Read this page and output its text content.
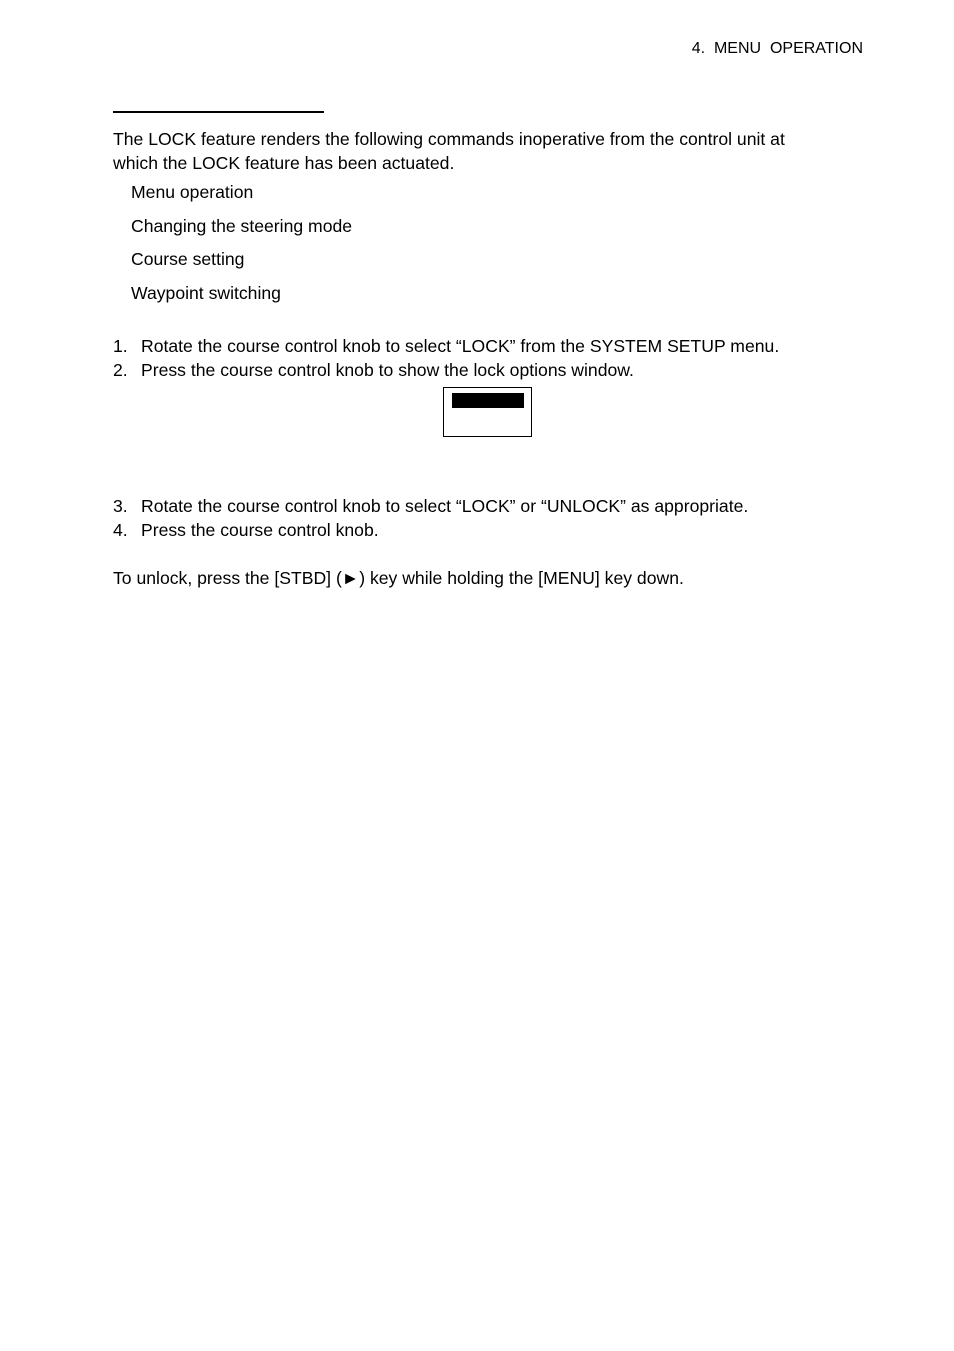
4.  MENU  OPERATION

The LOCK feature renders the following commands inoperative from the control unit at which the LOCK feature has been actuated.

Menu operation
Changing the steering mode
Course setting
Waypoint switching
1. Rotate the course control knob to select “LOCK” from the SYSTEM SETUP menu.
2. Press the course control knob to show the lock options window.
3. Rotate the course control knob to select “LOCK” or “UNLOCK” as appropriate.
4. Press the course control knob.

To unlock, press the [STBD] (►) key while holding the [MENU] key down.
